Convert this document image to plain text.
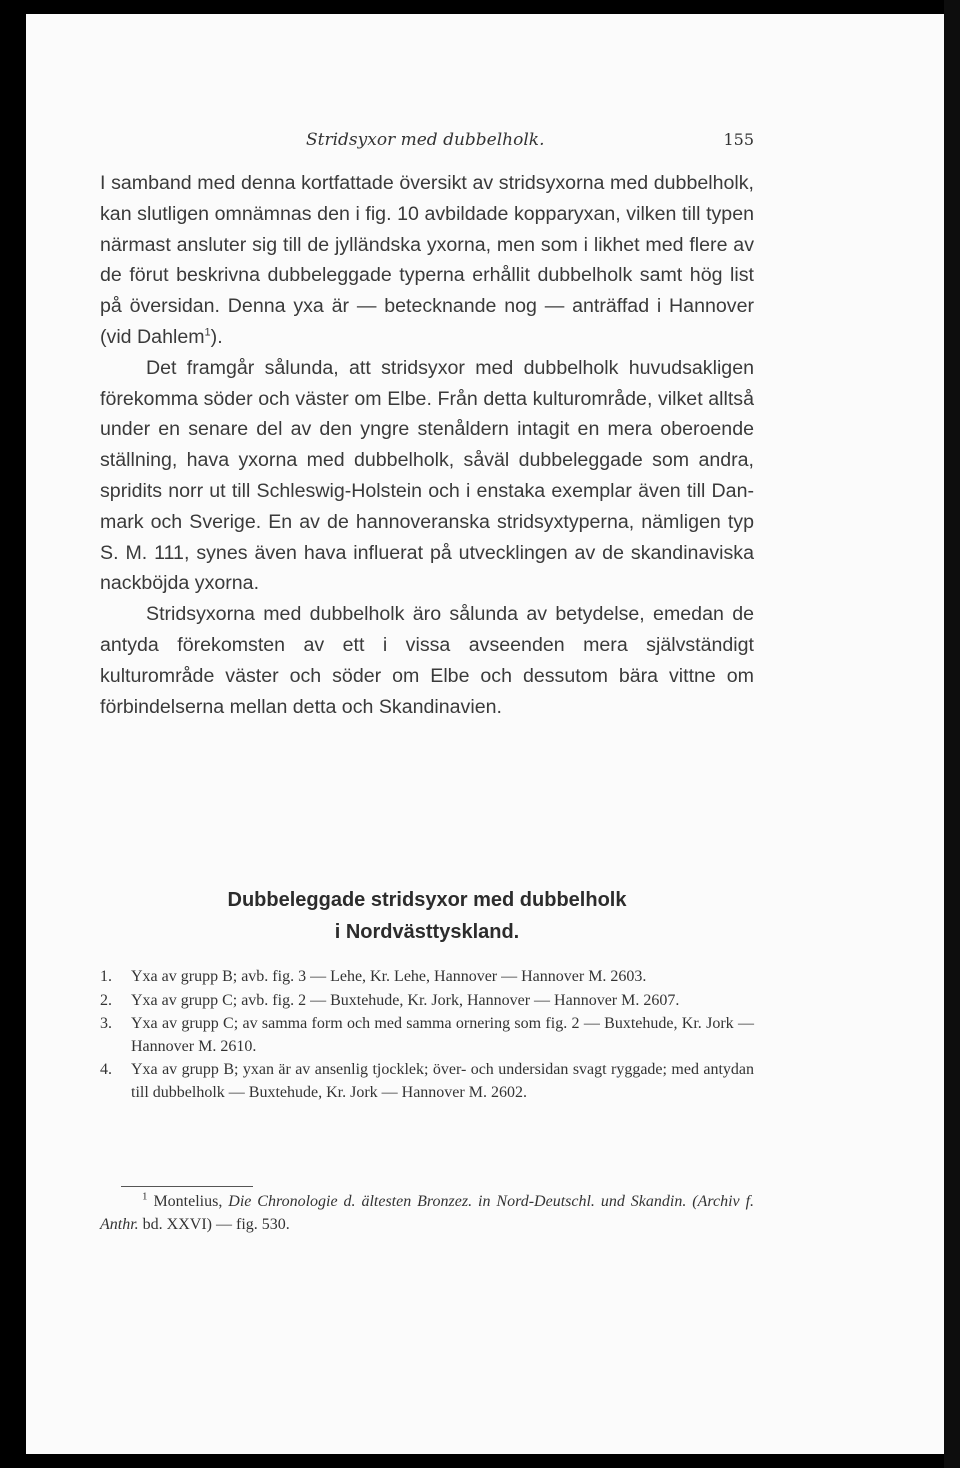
Stridsyxor med dubbelholk.	155

I samband med denna kortfattade översikt av stridsyxorna med dubbelholk, kan slutligen omnämnas den i fig. 10 avbildade kopparyxan, vilken till typen närmast ansluter sig till de jylländska yxorna, men som i likhet med flere av de förut beskrivna dubbeleggade typerna erhållit dubbelholk samt hög list på översidan. Denna yxa är — betecknande nog — anträffad i Hannover (vid Dahlem$^1$).

Det framgår sålunda, att stridsyxor med dubbelholk huvudsakligen förekomma söder och väster om Elbe. Från detta kulturområde, vilket alltså under en senare del av den yngre stenåldern intagit en mera oberoende ställning, hava yxorna med dubbelholk, såväl dubbeleggade som andra, spridits norr ut till Schleswig-Holstein och i enstaka exemplar även till Danmark och Sverige. En av de hannoveranska stridsyxtyperna, nämligen typ S. M. 111, synes även hava influerat på utvecklingen av de skandinaviska nackböjda yxorna.

Stridsyxorna med dubbelholk äro sålunda av betydelse, emedan de antyda förekomsten av ett i vissa avseenden mera självständigt kulturområde väster och söder om Elbe och dessutom bära vittne om förbindelserna mellan detta och Skandinavien.

Dubbeleggade stridsyxor med dubbelholk
i Nordvästtyskland.
1. Yxa av grupp B; avb. fig. 3 — Lehe, Kr. Lehe, Hannover — Hannover M. 2603.
2. Yxa av grupp C; avb. fig. 2 — Buxtehude, Kr. Jork, Hannover — Hannover M. 2607.
3. Yxa av grupp C; av samma form och med samma ornering som fig. 2 — Buxtehude, Kr. Jork — Hannover M. 2610.
4. Yxa av grupp B; yxan är av ansenlig tjocklek; över- och undersidan svagt ryggade; med antydan till dubbelholk — Buxtehude, Kr. Jork — Hannover M. 2602.

$^1$ Montelius, Die Chronologie d. ältesten Bronzez. in Nord-Deutschl. und Skandin. (Archiv f. Anthr. bd. XXVI) — fig. 530.
